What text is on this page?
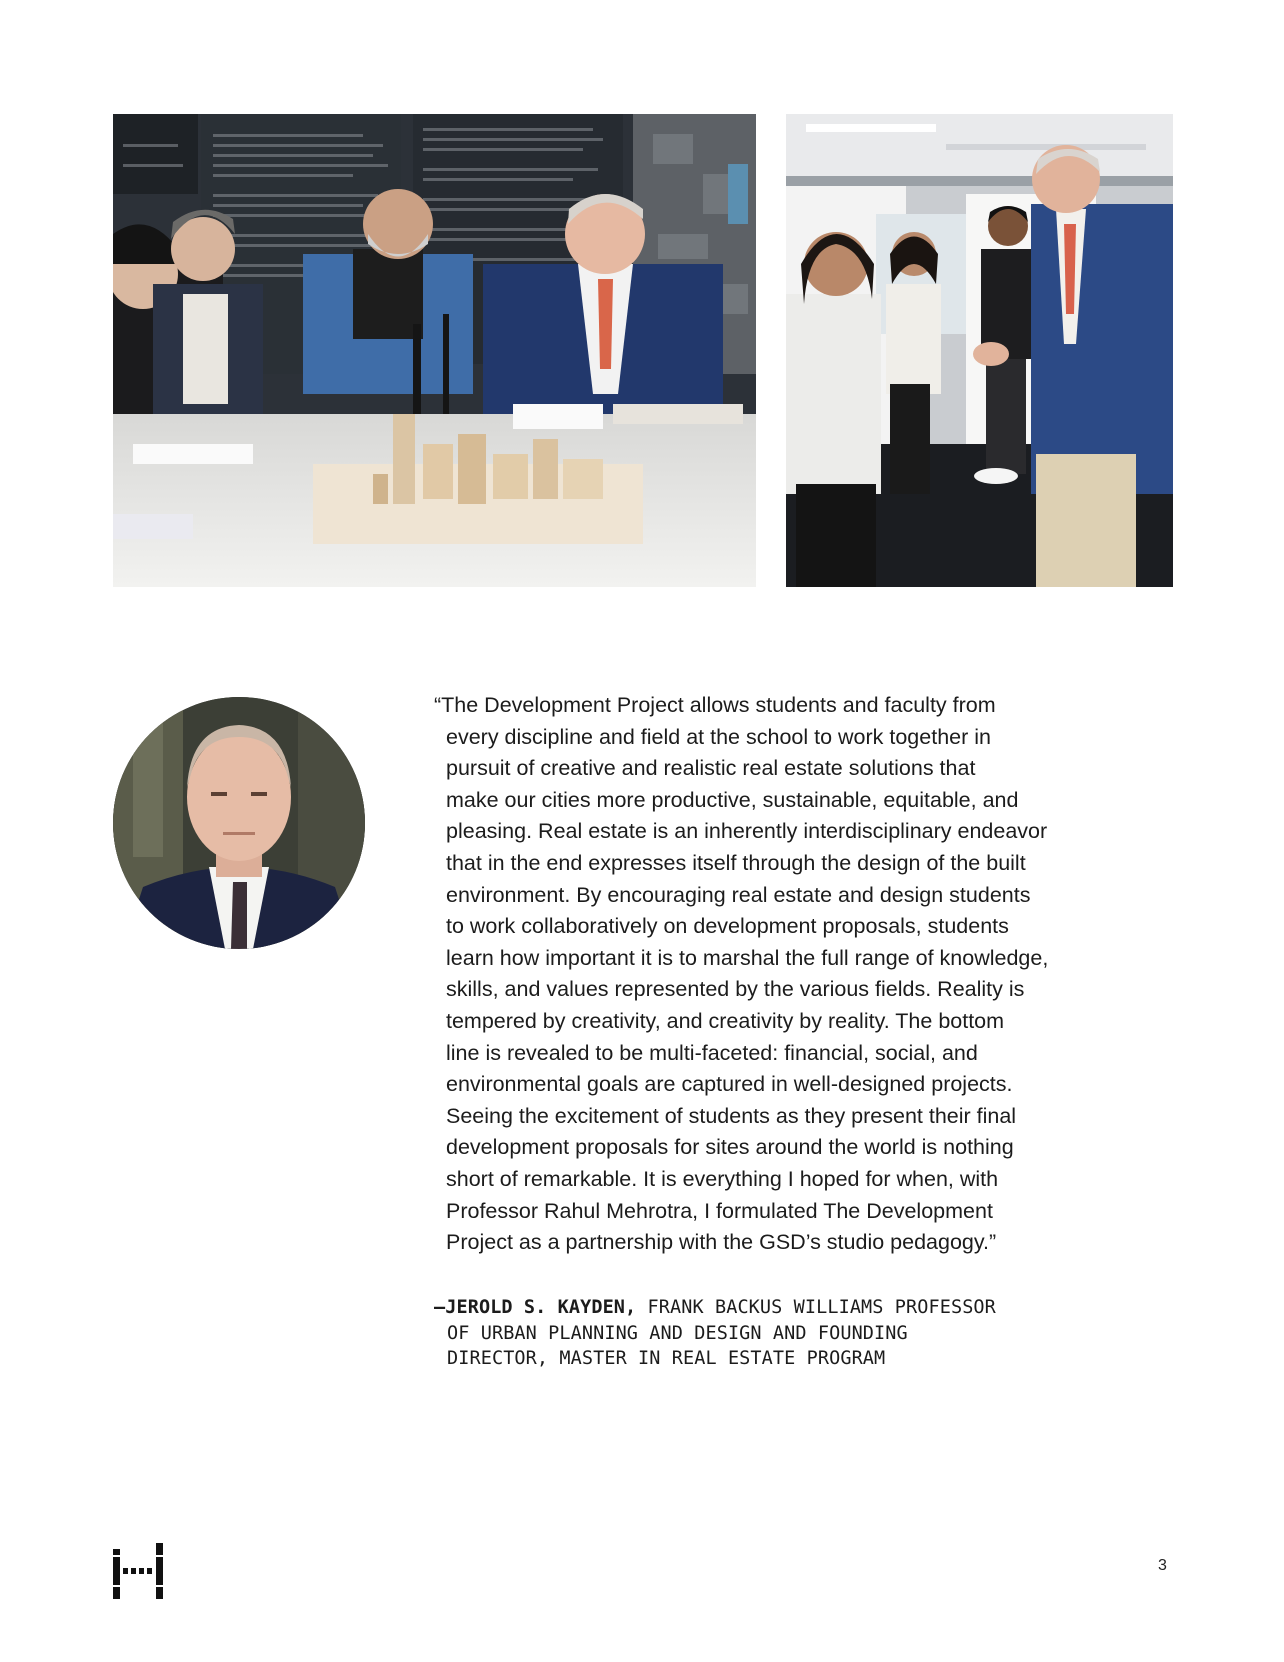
“The Development Project allows students and faculty from
every discipline and field at the school to work together in
pursuit of creative and realistic real estate solutions that
make our cities more productive, sustainable, equitable, and
pleasing. Real estate is an inherently interdisciplinary endeavor
that in the end expresses itself through the design of the built
environment. By encouraging real estate and design students
to work collaboratively on development proposals, students
learn how important it is to marshal the full range of knowledge,
skills, and values represented by the various fields. Reality is
tempered by creativity, and creativity by reality. The bottom
line is revealed to be multi-faceted: financial, social, and
environmental goals are captured in well-designed projects.
Seeing the excitement of students as they present their final
development proposals for sites around the world is nothing
short of remarkable. It is everything I hoped for when, with
Professor Rahul Mehrotra, I formulated The Development
Project as a partnership with the GSD’s studio pedagogy.”

–JEROLD S. KAYDEN, FRANK BACKUS WILLIAMS PROFESSOR
OF URBAN PLANNING AND DESIGN AND FOUNDING
DIRECTOR, MASTER IN REAL ESTATE PROGRAM
3
